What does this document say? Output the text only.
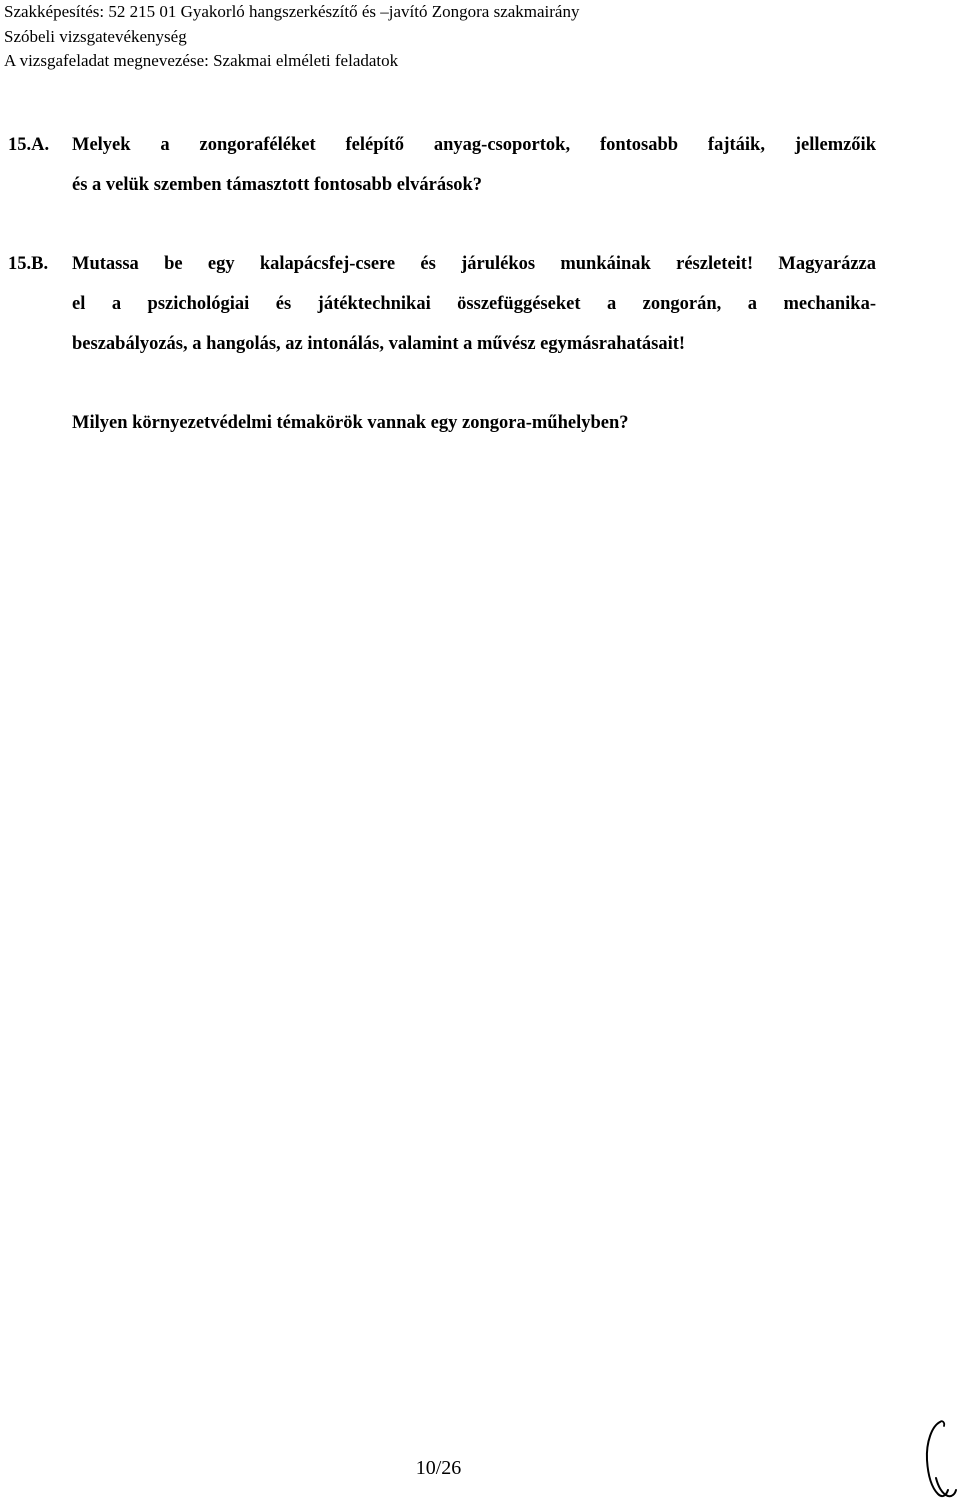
Szakképesítés: 52 215 01 Gyakorló hangszerkészítő és –javító Zongora szakmairány
Szóbeli vizsgatevékenység
A vizsgafeladat megnevezése: Szakmai elméleti feladatok
15.A.	Melyek a zongoraféléket felépítő anyag-csoportok, fontosabb fajtáik, jellemzőik
és a velük szemben támasztott fontosabb elvárások?
15.B.	Mutassa be egy kalapácsfej-csere és járulékos munkáinak részleteit! Magyarázza
el a pszichológiai és játéktechnikai összefüggéseket a zongorán, a mechanika-
beszabályozás, a hangolás, az intonálás, valamint a művész egymásrahatásait!
Milyen környezetvédelmi témakörök vannak egy zongora-műhelyben?
10/26
